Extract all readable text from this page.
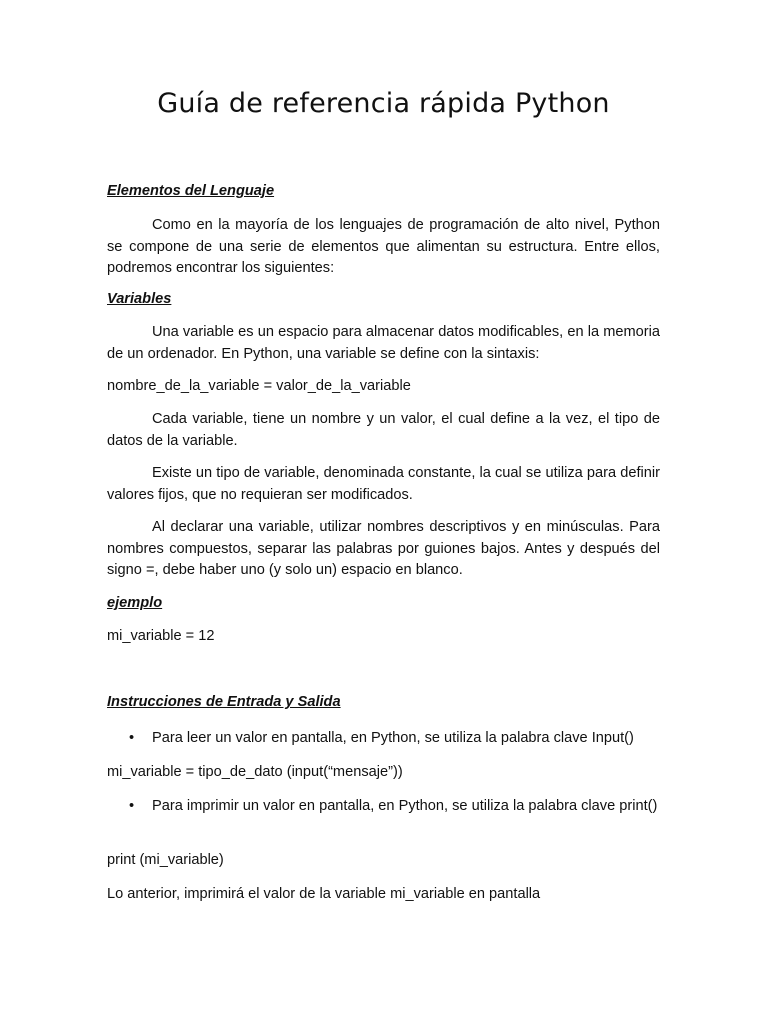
Guía de referencia rápida Python

Elementos del Lenguaje

Como en la mayoría de los lenguajes de programación de alto nivel, Python se compone de una serie de elementos que alimentan su estructura. Entre ellos, podremos encontrar los siguientes:

Variables

Una variable es un espacio para almacenar datos modificables, en la memoria de un ordenador. En Python, una variable se define con la sintaxis:

nombre_de_la_variable = valor_de_la_variable

Cada variable, tiene un nombre y un valor, el cual define a la vez, el tipo de datos de la variable.

Existe un tipo de variable, denominada constante, la cual se utiliza para definir valores fijos, que no requieran ser modificados.

Al declarar una variable, utilizar nombres descriptivos y en minúsculas. Para nombres compuestos, separar las palabras por guiones bajos. Antes y después del signo =, debe haber uno (y solo un) espacio en blanco.

ejemplo

mi_variable = 12

Instrucciones de Entrada y Salida

•	Para leer un valor en pantalla, en Python, se utiliza la palabra clave Input()

mi_variable = tipo_de_dato (input(“mensaje”))

•	Para imprimir un valor en pantalla, en Python, se utiliza la palabra clave print()

print (mi_variable)

Lo anterior, imprimirá el valor de la variable mi_variable en pantalla
